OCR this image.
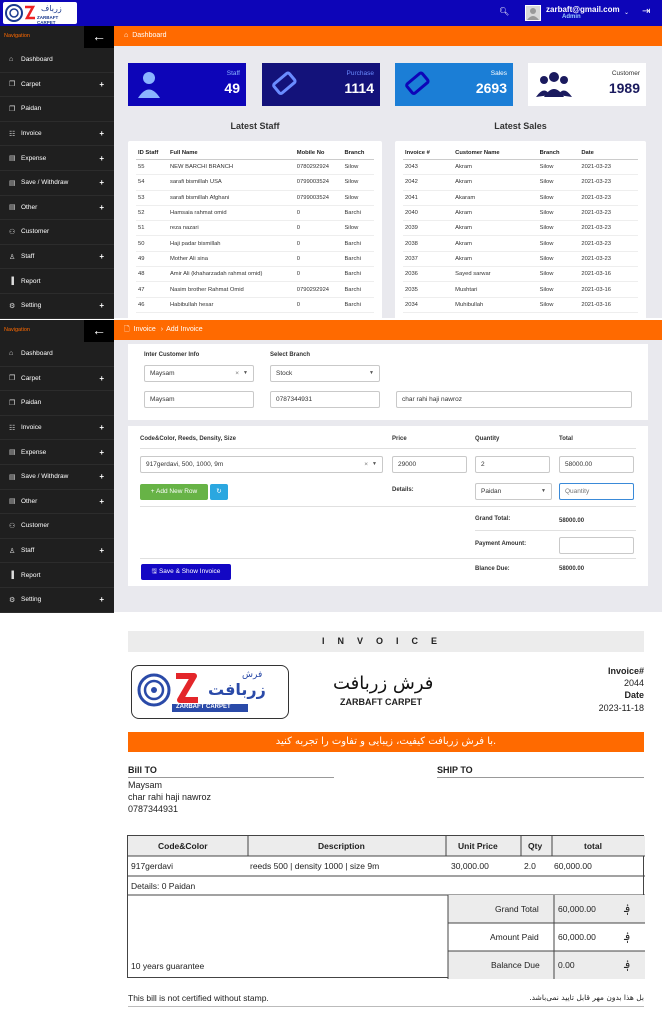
زرباف
ZARBAFT CARPET
🔍︎	zarbaft@gmail.com
Admin
⌄ ⇥
Navigation	←
⌂	Dashboard
❐ Carpet	+
❐ Paidan
☷ Invoice	+
▤ Expense	+
▤ Save / Withdraw	+
▤ Other	+
⚇ Customer
♙ Staff	+
▐	Report
⚙ Setting	+
⌂ Dashboard
Staff
49
Purchase
1114
Sales
2693
Customer
1989
Latest Staff	Latest Sales
ID Staff	Full Name	Mobile No	Branch
55	NEW BARCHI BRANCH	0780292924	Silow
54	sarafi bismillah USA	0799003524	Silow
53	sarafi bismillah Afghani	0799003524	Silow
52	Hamsaia rahmat omid	0	Barchi
51	reza nazari	0	Silow
50	Haji padar bismillah	0	Barchi
49	Mother Ali sina	0	Barchi
48	Amir Ali (khaharzadah rahmat omid)	0	Barchi
47	Nasim brother Rahmat Omid	0790292924	Barchi
46	Habibullah hesar	0	Barchi
Invoice #	Customer Name	Branch	Date
2043	Akram	Silow	2021-03-23
2042	Akram	Silow	2021-03-23
2041	Akaram	Silow	2021-03-23
2040	Akram	Silow	2021-03-23
2039	Akram	Silow	2021-03-23
2038	Akram	Silow	2021-03-23
2037	Akram	Silow	2021-03-23
2036	Sayed sarwar	Silow	2021-03-16
2035	Mushtari	Silow	2021-03-16
2034	Muhibullah	Silow	2021-03-16
Navigation	←
⌂	Dashboard
❐ Carpet	+
❐ Paidan
☷ Invoice	+
▤ Expense	+
▤ Save / Withdraw	+
▤ Other	+
⚇ Customer
♙ Staff	+
▐	Report
⚙ Setting	+
🗋︎ Invoice › Add Invoice
Inter Customer Info	Select Branch
Maysam	× ▼	Stock	▼
Maysam	0787344931	char rahi haji nawroz
Code&Color, Reeds, Density, Size	Price	Quantity	Total
917gerdavi, 500, 1000, 9m	× ▼	29000	2	58000.00
+ Add New Row	↻	Details:	Paidan	▼
Quantity
Grand Total:	58000.00
Payment Amount:
Blance Due:	58000.00
🖫︎ Save & Show Invoice
INVOICE
فرش
زربافت
ZARBAFT CARPET
فرش زربافت
ZARBAFT CARPET
Invoice#
2044
Date
2023-11-18
با فرش زربافت کیفیت، زیبایی و تفاوت را تجربه کنید.
Bill TO	SHIP TO
Maysam
char rahi haji nawroz
0787344931
Code&Color	Description	Unit Price	Qty	total
917gerdavi	reeds 500 | density 1000 | size 9m	30,000.00	2.0 60,000.00
Details: 0 Paidan
10 years guarantee
Grand Total 60,000.00	؋
Amount Paid 60,000.00	؋
Balance Due 0.00	؋
This bill is not certified without stamp.	بل هذا بدون مهر قابل تایید نمی‌باشد.
